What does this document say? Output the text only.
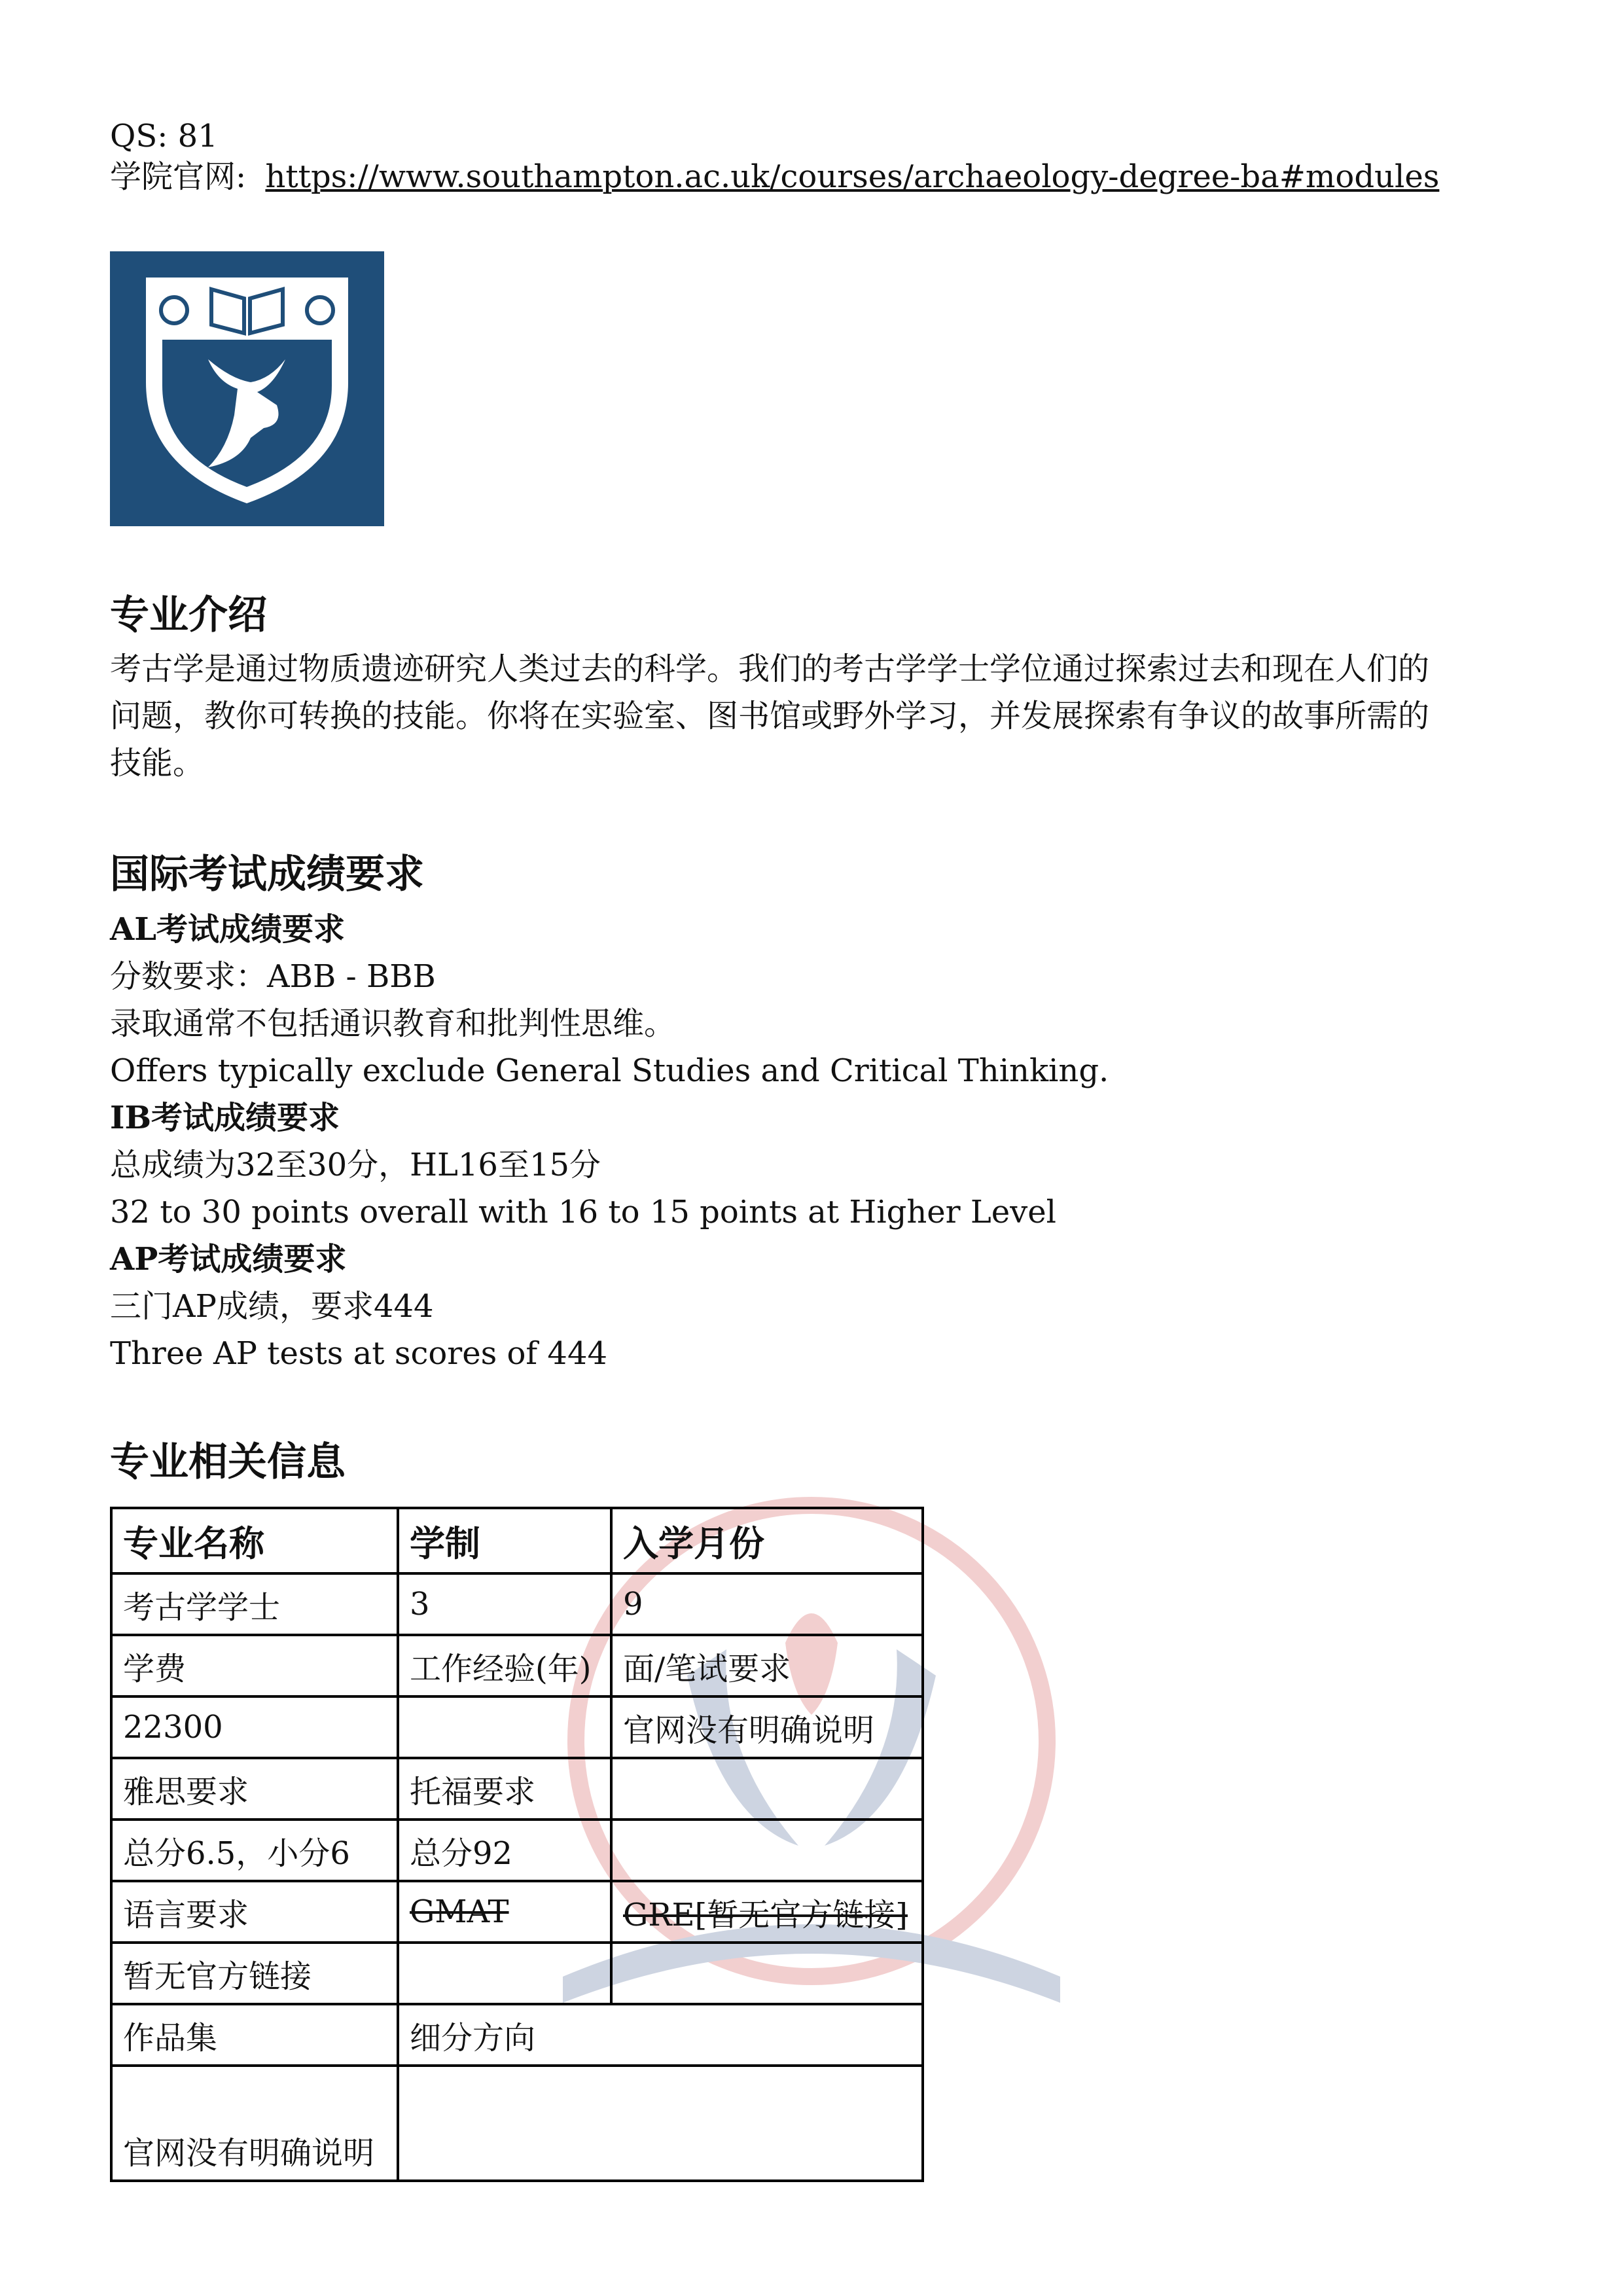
QS: 81
学院官网: https://www.southampton.ac.uk/courses/archaeology-degree-ba#modules
专业介绍
考古学是通过物质遗迹研究人类过去的科学。我们的考古学学士学位通过探索过去和现在人们的
问题，教你可转换的技能。你将在实验室、图书馆或野外学习，并发展探索有争议的故事所需的
技能。
国际考试成绩要求
AL考试成绩要求
分数要求：ABB - BBB
录取通常不包括通识教育和批判性思维。
Offers typically exclude General Studies and Critical Thinking.
IB考试成绩要求
总成绩为32至30分，HL16至15分
32 to 30 points overall with 16 to 15 points at Higher Level
AP考试成绩要求
三门AP成绩，要求444
Three AP tests at scores of 444
专业相关信息
专业名称	学制	入学月份
考古学学士	3	9
学费	工作经验(年)	面/笔试要求
22300		官网没有明确说明
雅思要求	托福要求	
总分6.5，小分6	总分92	
语言要求	GMAT	GRE[暂无官方链接]
暂无官方链接		
作品集	细分方向	
官网没有明确说明		
